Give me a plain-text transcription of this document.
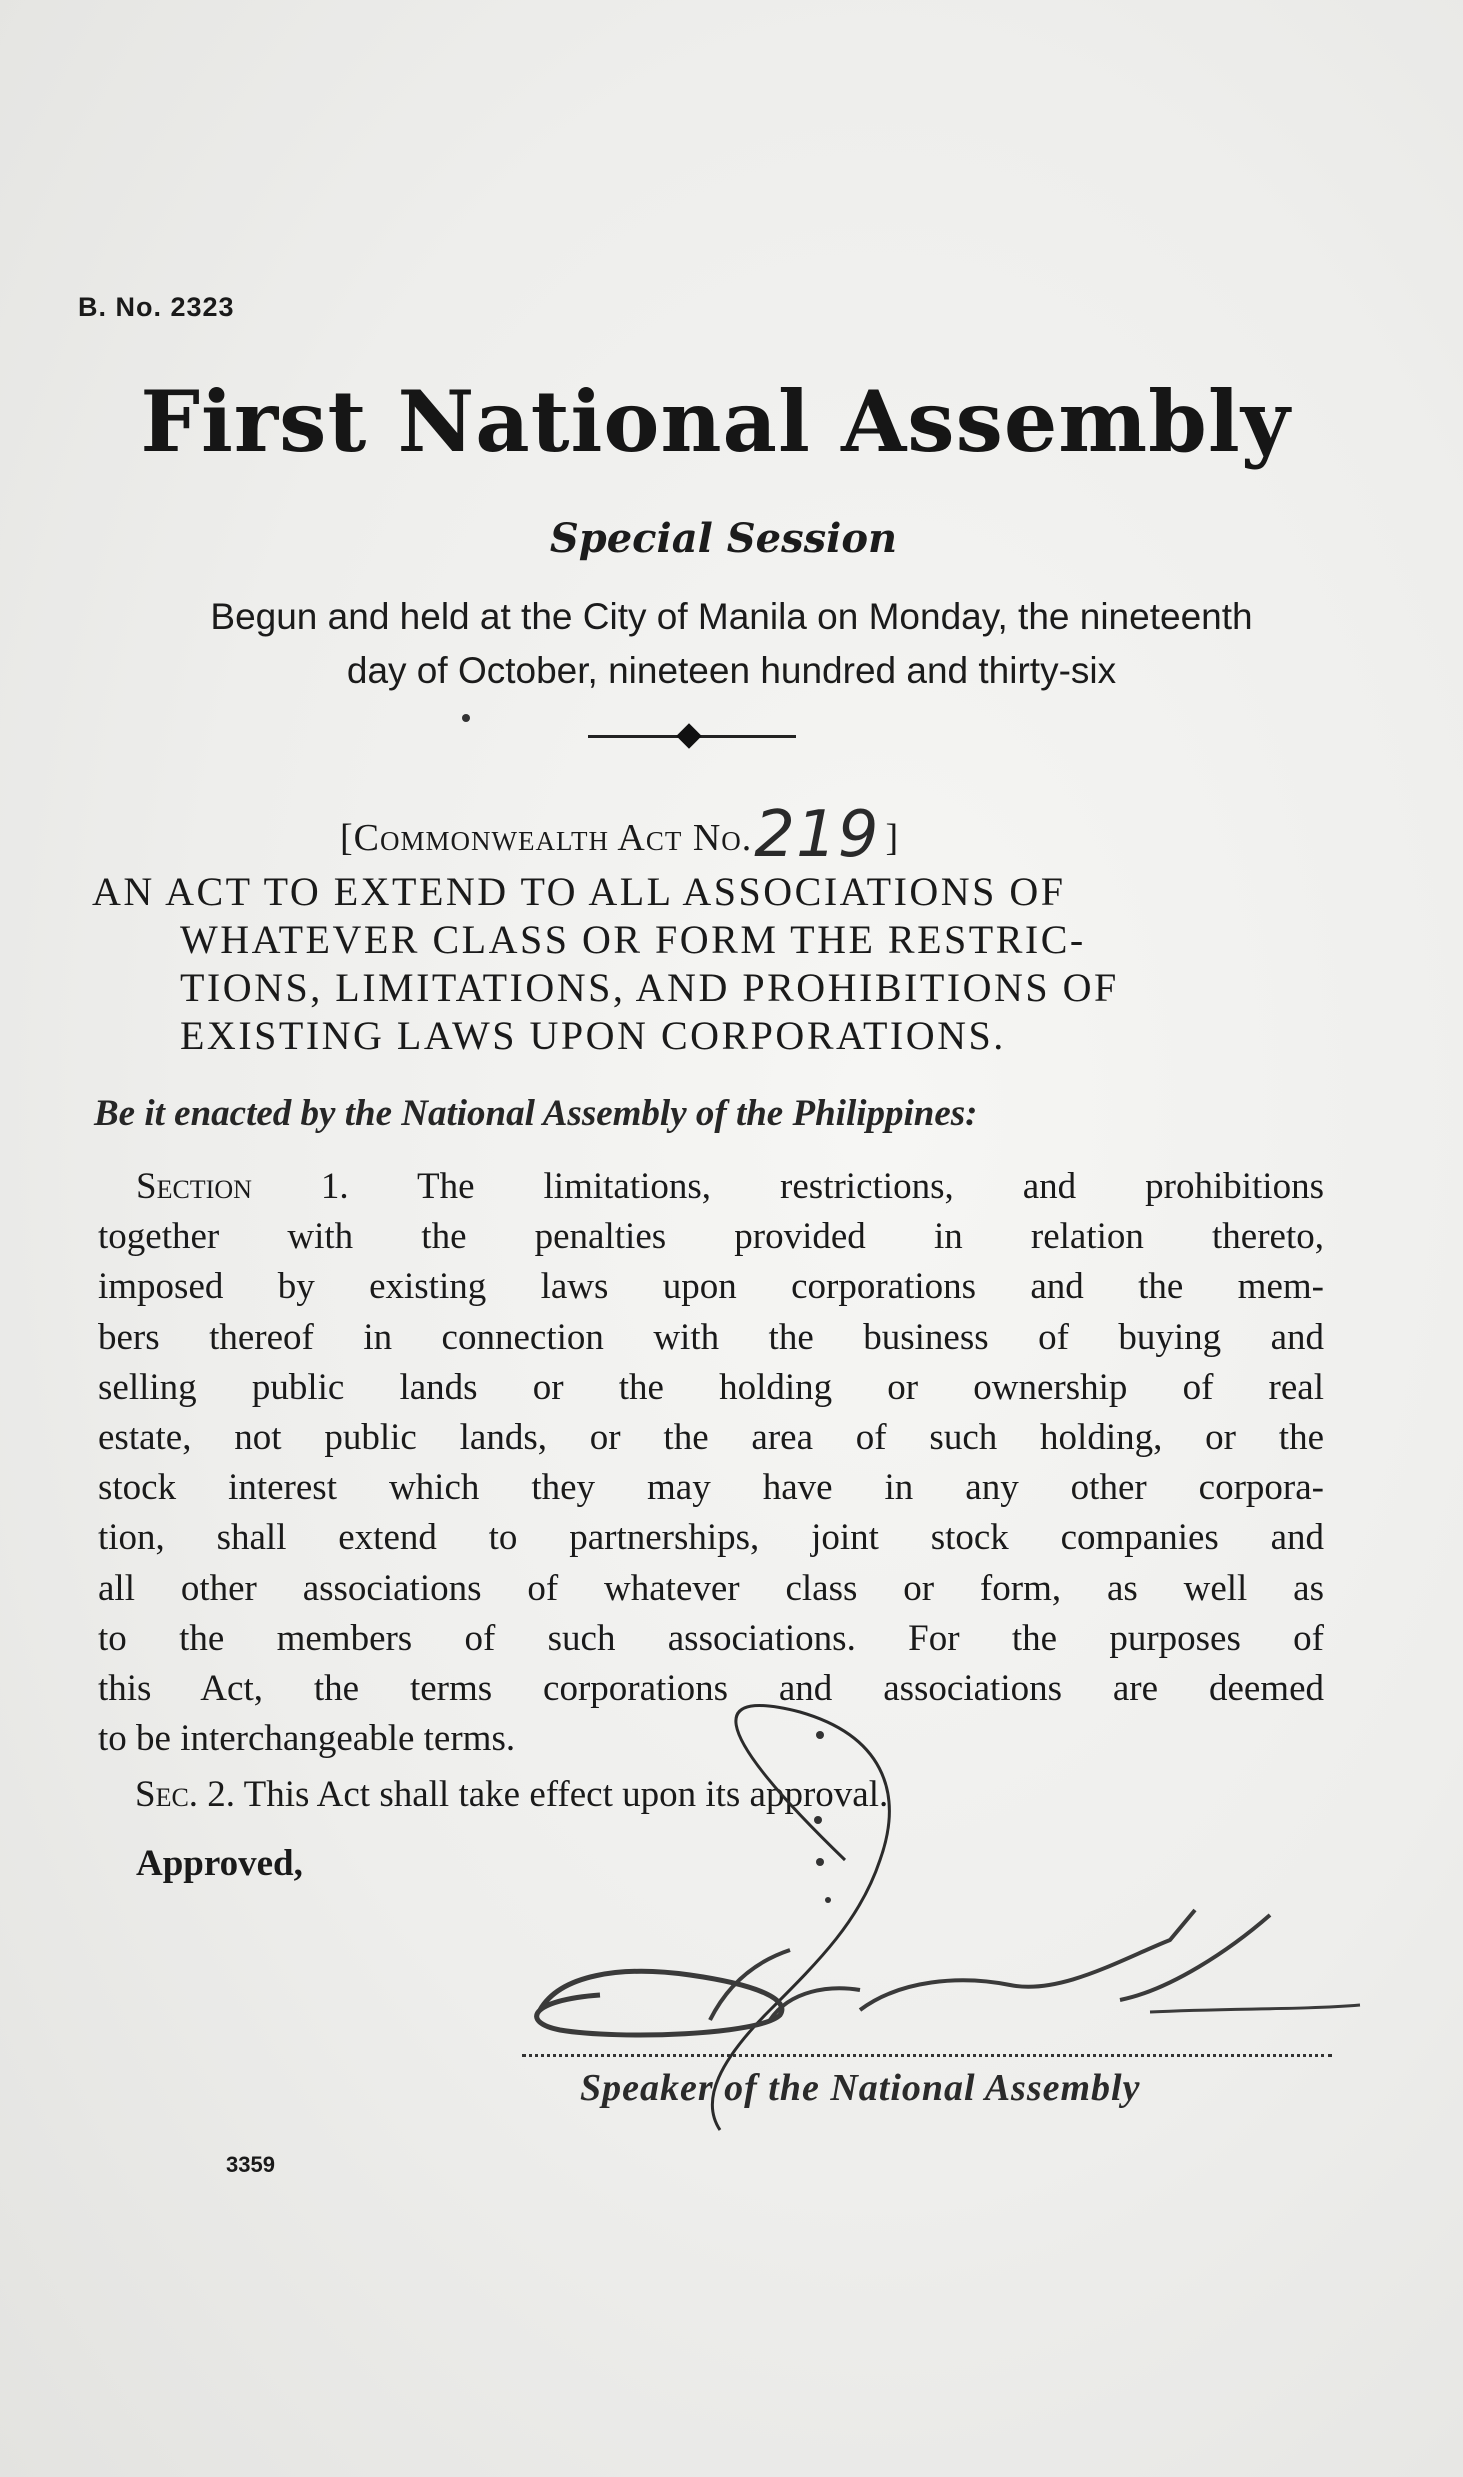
B. No. 2323
First National Assembly
Special Session
Begun and held at the City of Manila on Monday, the nineteenth
day of October, nineteen hundred and thirty-six
[Commonwealth Act No.219 ]
AN ACT TO EXTEND TO ALL ASSOCIATIONS OF
WHATEVER CLASS OR FORM THE RESTRIC-
TIONS, LIMITATIONS, AND PROHIBITIONS OF
EXISTING LAWS UPON CORPORATIONS.
Be it enacted by the National Assembly of the Philippines:
Section 1. The limitations, restrictions, and prohibitions
together with the penalties provided in relation thereto,
imposed by existing laws upon corporations and the mem-
bers thereof in connection with the business of buying and
selling public lands or the holding or ownership of real
estate, not public lands, or the area of such holding, or the
stock interest which they may have in any other corpora-
tion, shall extend to partnerships, joint stock companies and
all other associations of whatever class or form, as well as
to the members of such associations. For the purposes of
this Act, the terms corporations and associations are deemed
to be interchangeable terms.
Sec. 2. This Act shall take effect upon its approval.
Approved,
Speaker of the National Assembly
3359
